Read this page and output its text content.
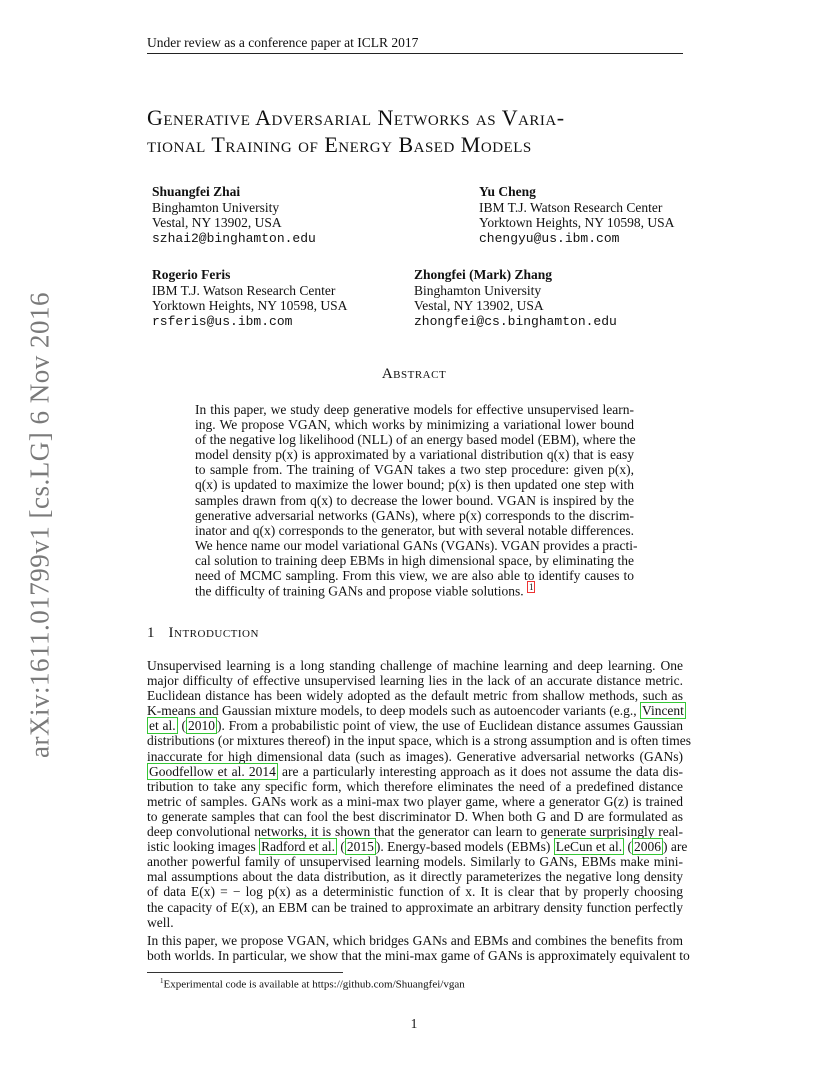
Under review as a conference paper at ICLR 2017
arXiv:1611.01799v1 [cs.LG] 6 Nov 2016
Generative Adversarial Networks as Varia-
tional Training of Energy Based Models
Shuangfei Zhai
Binghamton University
Vestal, NY 13902, USA
szhai2@binghamton.edu
Yu Cheng
IBM T.J. Watson Research Center
Yorktown Heights, NY 10598, USA
chengyu@us.ibm.com
Rogerio Feris
IBM T.J. Watson Research Center
Yorktown Heights, NY 10598, USA
rsferis@us.ibm.com
Zhongfei (Mark) Zhang
Binghamton University
Vestal, NY 13902, USA
zhongfei@cs.binghamton.edu
Abstract
In this paper, we study deep generative models for effective unsupervised learn-
ing. We propose VGAN, which works by minimizing a variational lower bound
of the negative log likelihood (NLL) of an energy based model (EBM), where the
model density p(x) is approximated by a variational distribution q(x) that is easy
to sample from. The training of VGAN takes a two step procedure: given p(x),
q(x) is updated to maximize the lower bound; p(x) is then updated one step with
samples drawn from q(x) to decrease the lower bound. VGAN is inspired by the
generative adversarial networks (GANs), where p(x) corresponds to the discrim-
inator and q(x) corresponds to the generator, but with several notable differences.
We hence name our model variational GANs (VGANs). VGAN provides a practi-
cal solution to training deep EBMs in high dimensional space, by eliminating the
need of MCMC sampling. From this view, we are also able to identify causes to
the difficulty of training GANs and propose viable solutions. $^1$
1 Introduction
Unsupervised learning is a long standing challenge of machine learning and deep learning. One
major difficulty of effective unsupervised learning lies in the lack of an accurate distance metric.
Euclidean distance has been widely adopted as the default metric from shallow methods, such as
K-means and Gaussian mixture models, to deep models such as autoencoder variants (e.g., Vincent
et al. ( 2010 ). From a probabilistic point of view, the use of Euclidean distance assumes Gaussian
distributions (or mixtures thereof) in the input space, which is a strong assumption and is often times
inaccurate for high dimensional data (such as images). Generative adversarial networks (GANs)
Goodfellow et al. 2014 are a particularly interesting approach as it does not assume the data dis-
tribution to take any specific form, which therefore eliminates the need of a predefined distance
metric of samples. GANs work as a mini-max two player game, where a generator G(z) is trained
to generate samples that can fool the best discriminator D. When both G and D are formulated as
deep convolutional networks, it is shown that the generator can learn to generate surprisingly real-
istic looking images Radford et al. ( 2015 ). Energy-based models (EBMs) LeCun et al. ( 2006 ) are
another powerful family of unsupervised learning models. Similarly to GANs, EBMs make mini-
mal assumptions about the data distribution, as it directly parameterizes the negative long density
of data E(x) = − log p(x) as a deterministic function of x. It is clear that by properly choosing
the capacity of E(x), an EBM can be trained to approximate an arbitrary density function perfectly
well.
In this paper, we propose VGAN, which bridges GANs and EBMs and combines the benefits from
both worlds. In particular, we show that the mini-max game of GANs is approximately equivalent to
$^1$Experimental code is available at https://github.com/Shuangfei/vgan
1
